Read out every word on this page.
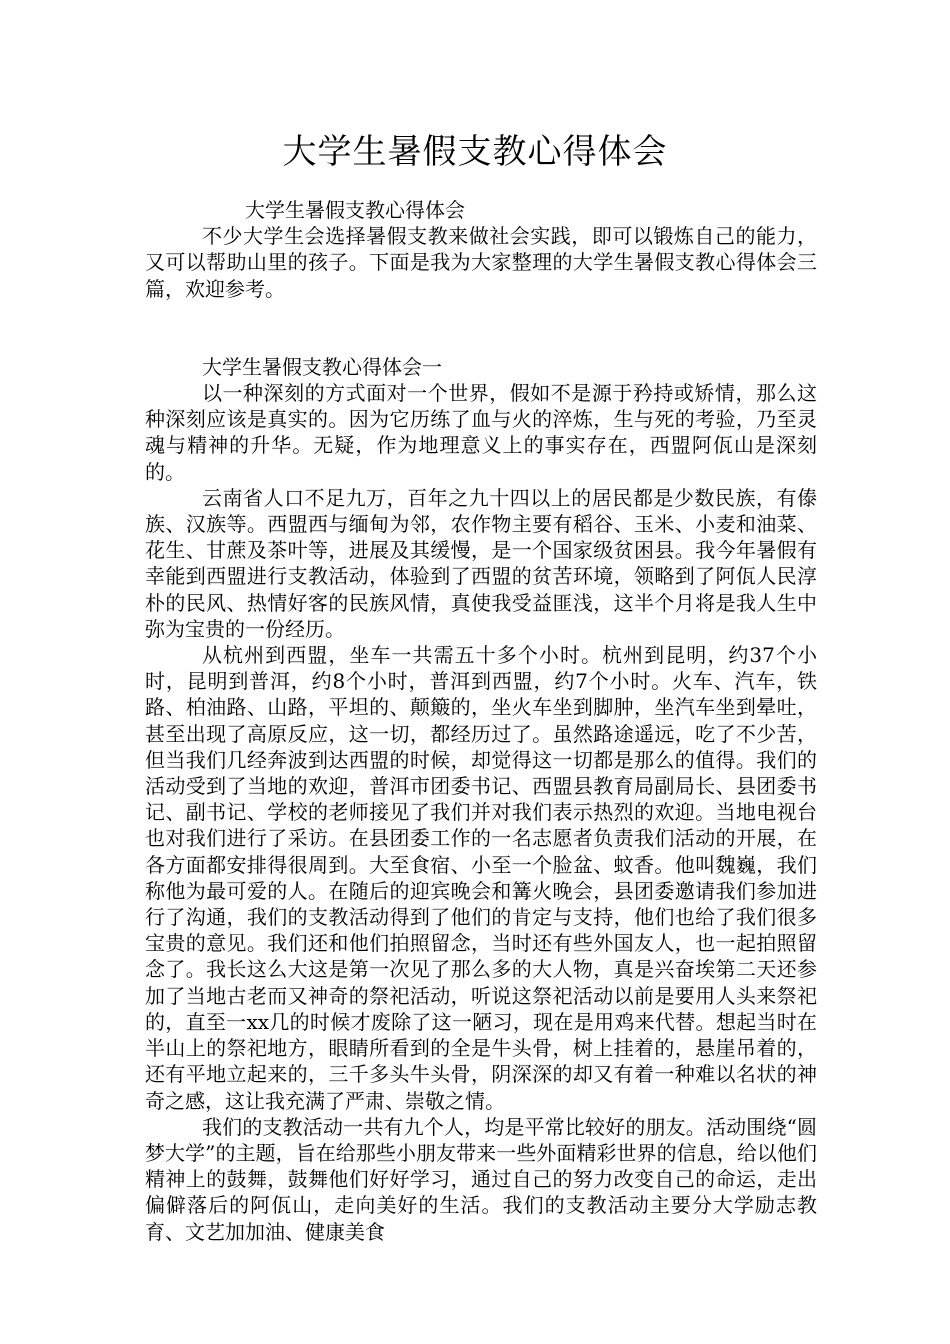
大学生暑假支教心得体会
大学生暑假支教心得体会
不少大学生会选择暑假支教来做社会实践，即可以锻炼自己的能力，又可以帮助山里的孩子。下面是我为大家整理的大学生暑假支教心得体会三篇，欢迎参考。
大学生暑假支教心得体会一
以一种深刻的方式面对一个世界，假如不是源于矜持或矫情，那么这种深刻应该是真实的。因为它历练了血与火的淬炼，生与死的考验，乃至灵魂与精神的升华。无疑，作为地理意义上的事实存在，西盟阿佤山是深刻的。
云南省人口不足九万，百年之九十四以上的居民都是少数民族，有傣族、汉族等。西盟西与缅甸为邻，农作物主要有稻谷、玉米、小麦和油菜、花生、甘蔗及茶叶等，进展及其缓慢，是一个国家级贫困县。我今年暑假有幸能到西盟进行支教活动，体验到了西盟的贫苦环境，领略到了阿佤人民淳朴的民风、热情好客的民族风情，真使我受益匪浅，这半个月将是我人生中弥为宝贵的一份经历。
从杭州到西盟，坐车一共需五十多个小时。杭州到昆明，约37个小时，昆明到普洱，约8个小时，普洱到西盟，约7个小时。火车、汽车，铁路、柏油路、山路，平坦的、颠簸的，坐火车坐到脚肿，坐汽车坐到晕吐，甚至出现了高原反应，这一切，都经历过了。虽然路途遥远，吃了不少苦，但当我们几经奔波到达西盟的时候，却觉得这一切都是那么的值得。我们的活动受到了当地的欢迎，普洱市团委书记、西盟县教育局副局长、县团委书记、副书记、学校的老师接见了我们并对我们表示热烈的欢迎。当地电视台也对我们进行了采访。在县团委工作的一名志愿者负责我们活动的开展，在各方面都安排得很周到。大至食宿、小至一个脸盆、蚊香。他叫魏巍，我们称他为最可爱的人。在随后的迎宾晚会和篝火晚会，县团委邀请我们参加进行了沟通，我们的支教活动得到了他们的肯定与支持，他们也给了我们很多宝贵的意见。我们还和他们拍照留念，当时还有些外国友人，也一起拍照留念了。我长这么大这是第一次见了那么多的大人物，真是兴奋埃第二天还参加了当地古老而又神奇的祭祀活动，听说这祭祀活动以前是要用人头来祭祀的，直至一xx几的时候才废除了这一陋习，现在是用鸡来代替。想起当时在半山上的祭祀地方，眼睛所看到的全是牛头骨，树上挂着的，悬崖吊着的，还有平地立起来的，三千多头牛头骨，阴深深的却又有着一种难以名状的神奇之感，这让我充满了严肃、崇敬之情。
我们的支教活动一共有九个人，均是平常比较好的朋友。活动围绕“圆梦大学”的主题，旨在给那些小朋友带来一些外面精彩世界的信息，给以他们精神上的鼓舞，鼓舞他们好好学习，通过自己的努力改变自己的命运，走出偏僻落后的阿佤山，走向美好的生活。我们的支教活动主要分大学励志教育、文艺加加油、健康美食
